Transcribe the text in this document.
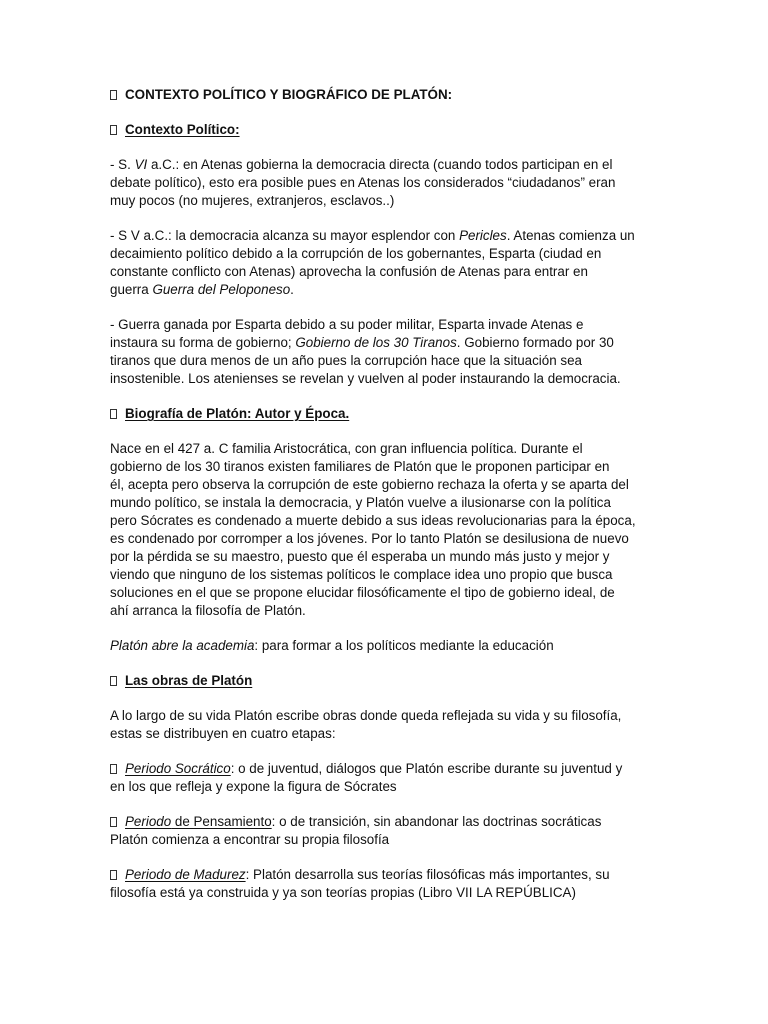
CONTEXTO POLÍTICO Y BIOGRÁFICO DE PLATÓN:
Contexto Político:

- S. VI a.C.: en Atenas gobierna la democracia directa (cuando todos participan en el
debate político), esto era posible pues en Atenas los considerados “ciudadanos” eran
muy pocos (no mujeres, extranjeros, esclavos..)

- S V a.C.: la democracia alcanza su mayor esplendor con Pericles. Atenas comienza un
decaimiento político debido a la corrupción de los gobernantes, Esparta (ciudad en
constante conflicto con Atenas) aprovecha la confusión de Atenas para entrar en
guerra Guerra del Peloponeso.

- Guerra ganada por Esparta debido a su poder militar, Esparta invade Atenas e
instaura su forma de gobierno; Gobierno de los 30 Tiranos. Gobierno formado por 30
tiranos que dura menos de un año pues la corrupción hace que la situación sea
insostenible. Los atenienses se revelan y vuelven al poder instaurando la democracia.

Biografía de Platón: Autor y Época.

Nace en el 427 a. C familia Aristocrática, con gran influencia política. Durante el
gobierno de los 30 tiranos existen familiares de Platón que le proponen participar en
él, acepta pero observa la corrupción de este gobierno rechaza la oferta y se aparta del
mundo político, se instala la democracia, y Platón vuelve a ilusionarse con la política
pero Sócrates es condenado a muerte debido a sus ideas revolucionarias para la época,
es condenado por corromper a los jóvenes. Por lo tanto Platón se desilusiona de nuevo
por la pérdida se su maestro, puesto que él esperaba un mundo más justo y mejor y
viendo que ninguno de los sistemas políticos le complace idea uno propio que busca
soluciones en el que se propone elucidar filosóficamente el tipo de gobierno ideal, de
ahí arranca la filosofía de Platón.

Platón abre la academia: para formar a los políticos mediante la educación

Las obras de Platón

A lo largo de su vida Platón escribe obras donde queda reflejada su vida y su filosofía,
estas se distribuyen en cuatro etapas:

Periodo Socrático: o de juventud, diálogos que Platón escribe durante su juventud y
en los que refleja y expone la figura de Sócrates

Periodo de Pensamiento: o de transición, sin abandonar las doctrinas socráticas
Platón comienza a encontrar su propia filosofía

Periodo de Madurez: Platón desarrolla sus teorías filosóficas más importantes, su
filosofía está ya construida y ya son teorías propias (Libro VII LA REPÚBLICA)
